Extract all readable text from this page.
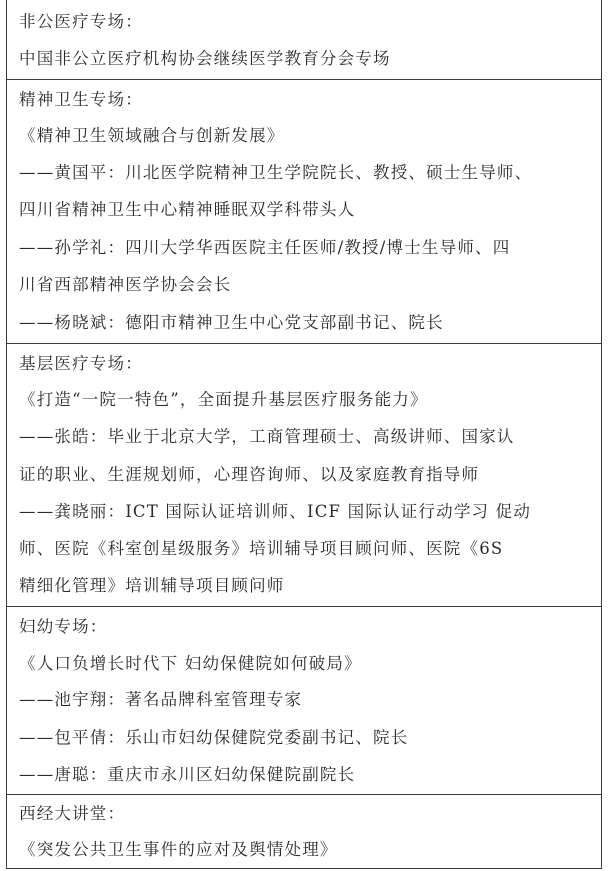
非公医疗专场：
中国非公立医疗机构协会继续医学教育分会专场
精神卫生专场：
《精神卫生领域融合与创新发展》
——黄国平：川北医学院精神卫生学院院长、教授、硕士生导师、
四川省精神卫生中心精神睡眠双学科带头人
——孙学礼：四川大学华西医院主任医师/教授/博士生导师、四
川省西部精神医学协会会长
——杨晓斌：德阳市精神卫生中心党支部副书记、院长
基层医疗专场：
《打造“一院一特色”，全面提升基层医疗服务能力》
——张皓：毕业于北京大学，工商管理硕士、高级讲师、国家认
证的职业、生涯规划师，心理咨询师、以及家庭教育指导师
——龚晓丽：ICT 国际认证培训师、ICF 国际认证行动学习 促动
师、医院《科室创星级服务》培训辅导项目顾问师、医院《6S
精细化管理》培训辅导项目顾问师
妇幼专场：
《人口负增长时代下 妇幼保健院如何破局》
——池宇翔：著名品牌科室管理专家
——包平倩：乐山市妇幼保健院党委副书记、院长
——唐聪：重庆市永川区妇幼保健院副院长
西经大讲堂：
《突发公共卫生事件的应对及舆情处理》
